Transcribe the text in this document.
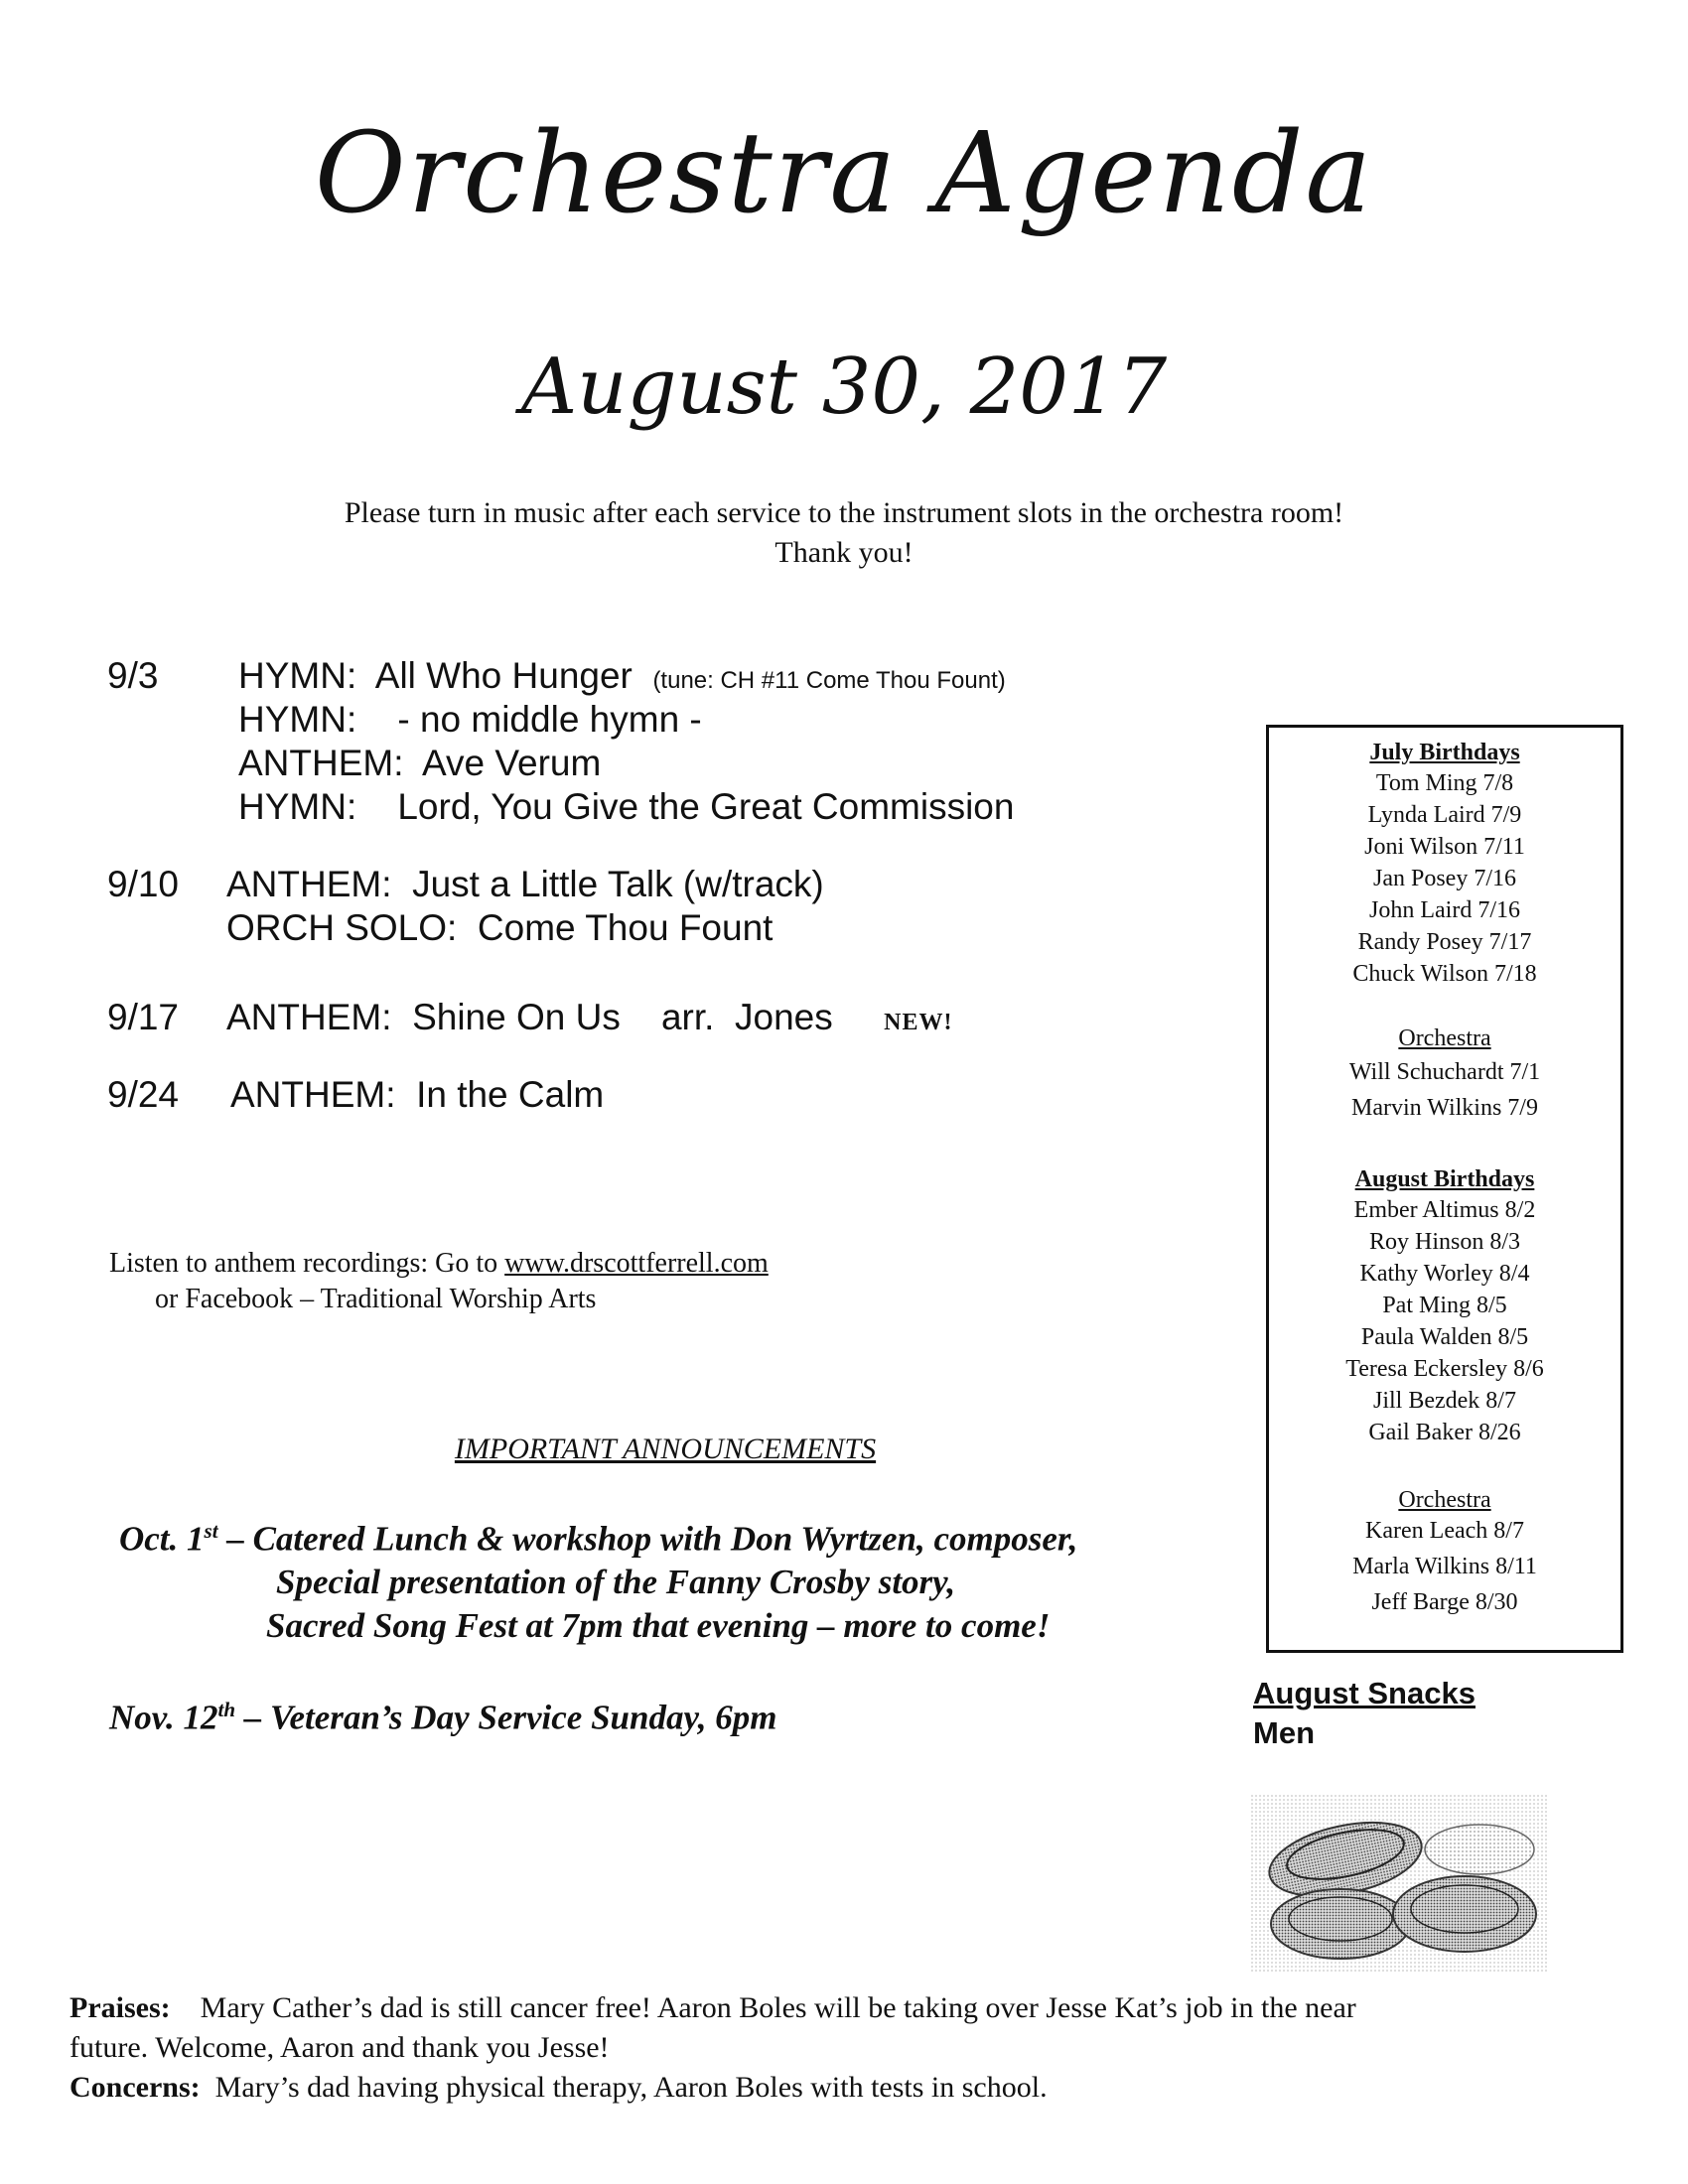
Orchestra Agenda
August 30, 2017
Please turn in music after each service to the instrument slots in the orchestra room!
Thank you!
9/3 HYMN: All Who Hunger (tune: CH #11 Come Thou Fount)
HYMN: - no middle hymn -
ANTHEM: Ave Verum
HYMN: Lord, You Give the Great Commission
9/10 ANTHEM: Just a Little Talk (w/track)
ORCH SOLO: Come Thou Fount
9/17 ANTHEM: Shine On Us arr. Jones NEW!
9/24 ANTHEM: In the Calm
Listen to anthem recordings: Go to www.drscottferrell.com
or Facebook – Traditional Worship Arts
IMPORTANT ANNOUNCEMENTS
Oct. 1st – Catered Lunch & workshop with Don Wyrtzen, composer,
Special presentation of the Fanny Crosby story,
Sacred Song Fest at 7pm that evening – more to come!
Nov. 12th – Veteran’s Day Service Sunday, 6pm
July Birthdays
Tom Ming 7/8
Lynda Laird 7/9
Joni Wilson 7/11
Jan Posey 7/16
John Laird 7/16
Randy Posey 7/17
Chuck Wilson 7/18
Orchestra
Will Schuchardt 7/1
Marvin Wilkins 7/9
August Birthdays
Ember Altimus 8/2
Roy Hinson 8/3
Kathy Worley 8/4
Pat Ming 8/5
Paula Walden 8/5
Teresa Eckersley 8/6
Jill Bezdek 8/7
Gail Baker 8/26
Orchestra
Karen Leach 8/7
Marla Wilkins 8/11
Jeff Barge 8/30
August Snacks
Men
Praises: Mary Cather’s dad is still cancer free! Aaron Boles will be taking over Jesse Kat’s job in the near
future. Welcome, Aaron and thank you Jesse!
Concerns: Mary’s dad having physical therapy, Aaron Boles with tests in school.
